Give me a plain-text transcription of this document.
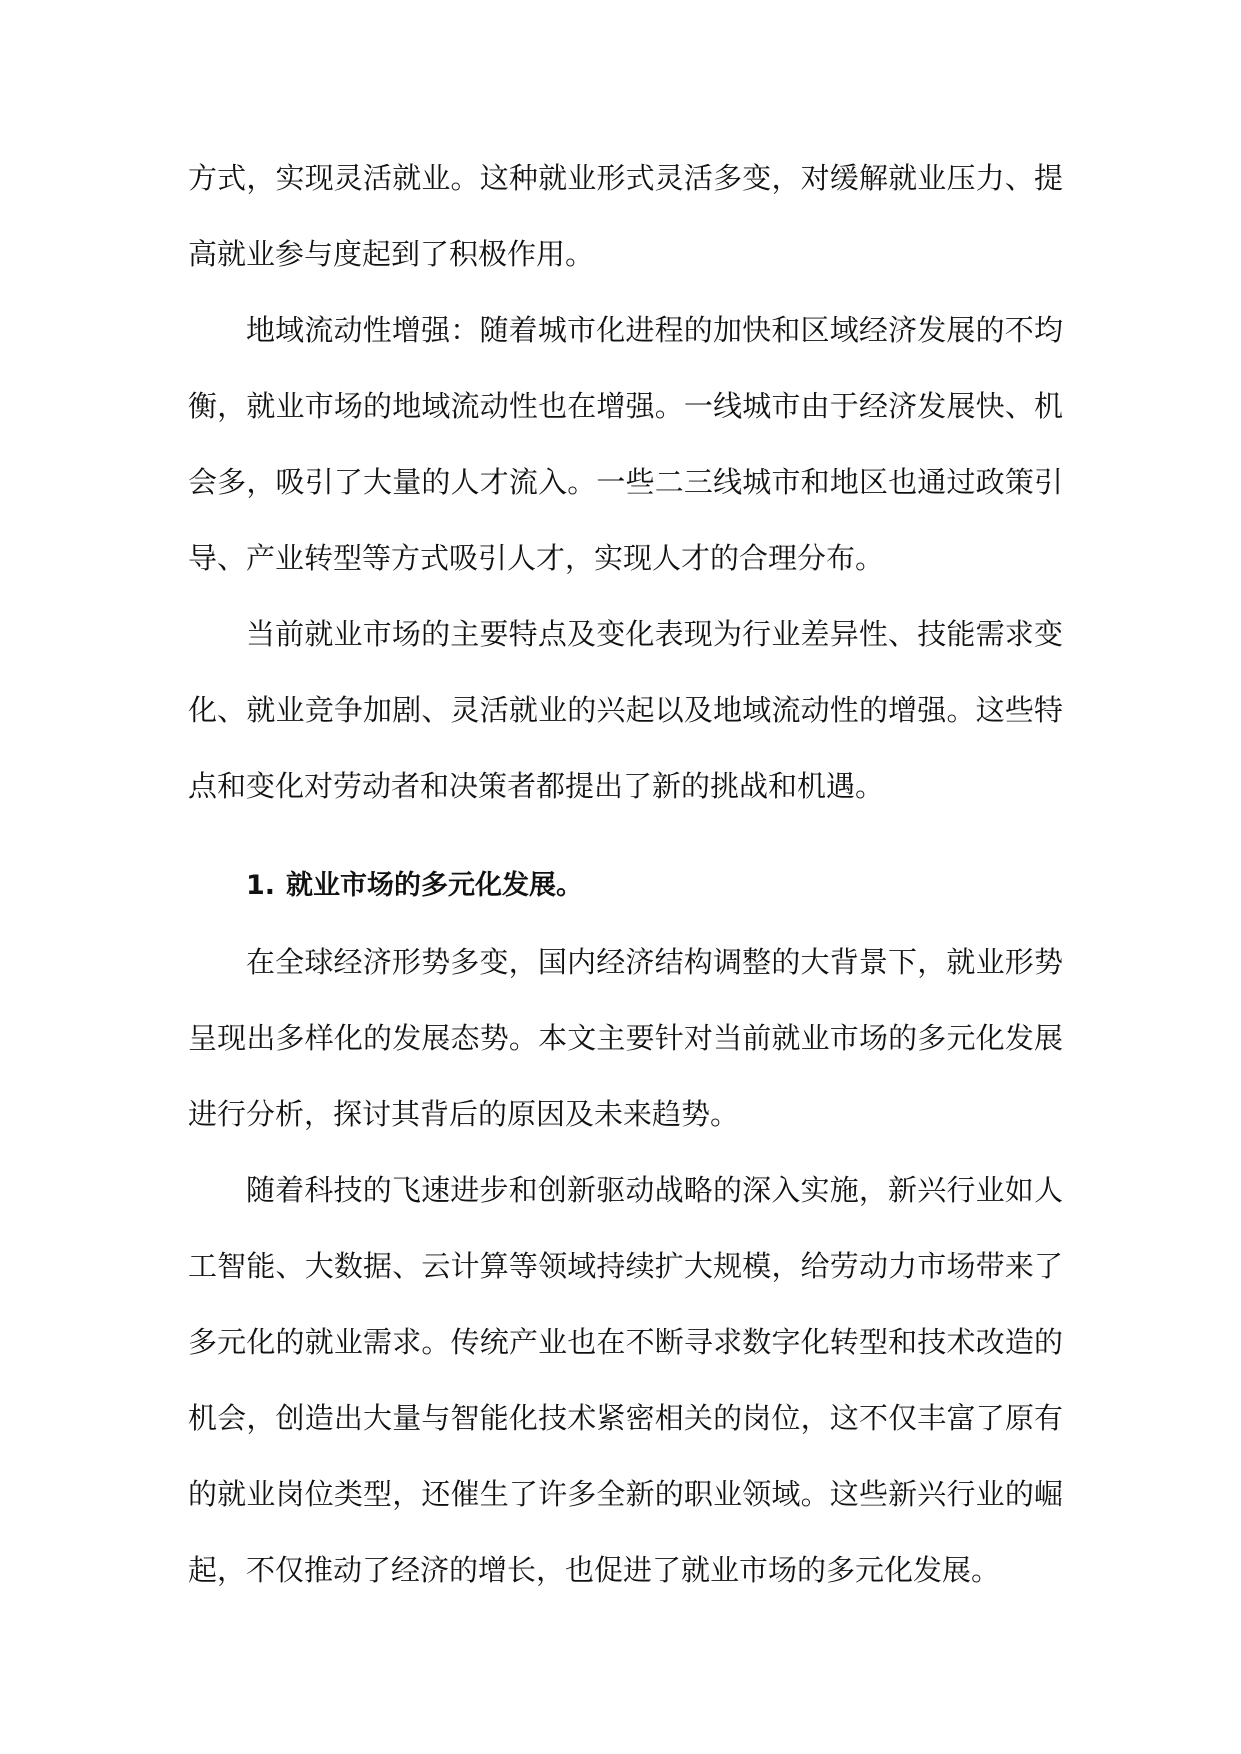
方式，实现灵活就业。这种就业形式灵活多变，对缓解就业压力、提高就业参与度起到了积极作用。

地域流动性增强：随着城市化进程的加快和区域经济发展的不均衡，就业市场的地域流动性也在增强。一线城市由于经济发展快、机会多，吸引了大量的人才流入。一些二三线城市和地区也通过政策引导、产业转型等方式吸引人才，实现人才的合理分布。

当前就业市场的主要特点及变化表现为行业差异性、技能需求变化、就业竞争加剧、灵活就业的兴起以及地域流动性的增强。这些特点和变化对劳动者和决策者都提出了新的挑战和机遇。

1. 就业市场的多元化发展。

在全球经济形势多变，国内经济结构调整的大背景下，就业形势呈现出多样化的发展态势。本文主要针对当前就业市场的多元化发展进行分析，探讨其背后的原因及未来趋势。

随着科技的飞速进步和创新驱动战略的深入实施，新兴行业如人工智能、大数据、云计算等领域持续扩大规模，给劳动力市场带来了多元化的就业需求。传统产业也在不断寻求数字化转型和技术改造的机会，创造出大量与智能化技术紧密相关的岗位，这不仅丰富了原有的就业岗位类型，还催生了许多全新的职业领域。这些新兴行业的崛起，不仅推动了经济的增长，也促进了就业市场的多元化发展。
